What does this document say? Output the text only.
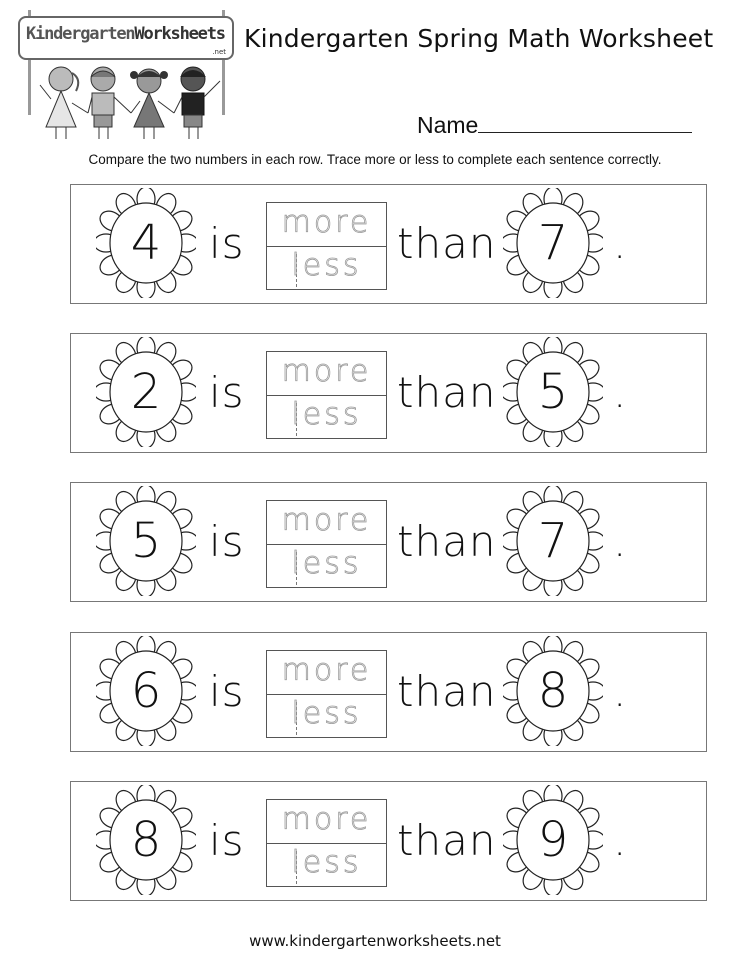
KindergartenWorksheets
.net Kindergarten Spring Math Worksheet
Name
Compare the two numbers in each row. Trace more or less to complete each sentence correctly.
4	is	more
less than 7	.
2	is	more
less than 5	.
5	is	more
less than 7	.
6	is	more
less than 8	.
8	is	more
less than 9	.
www.kindergartenworksheets.net
